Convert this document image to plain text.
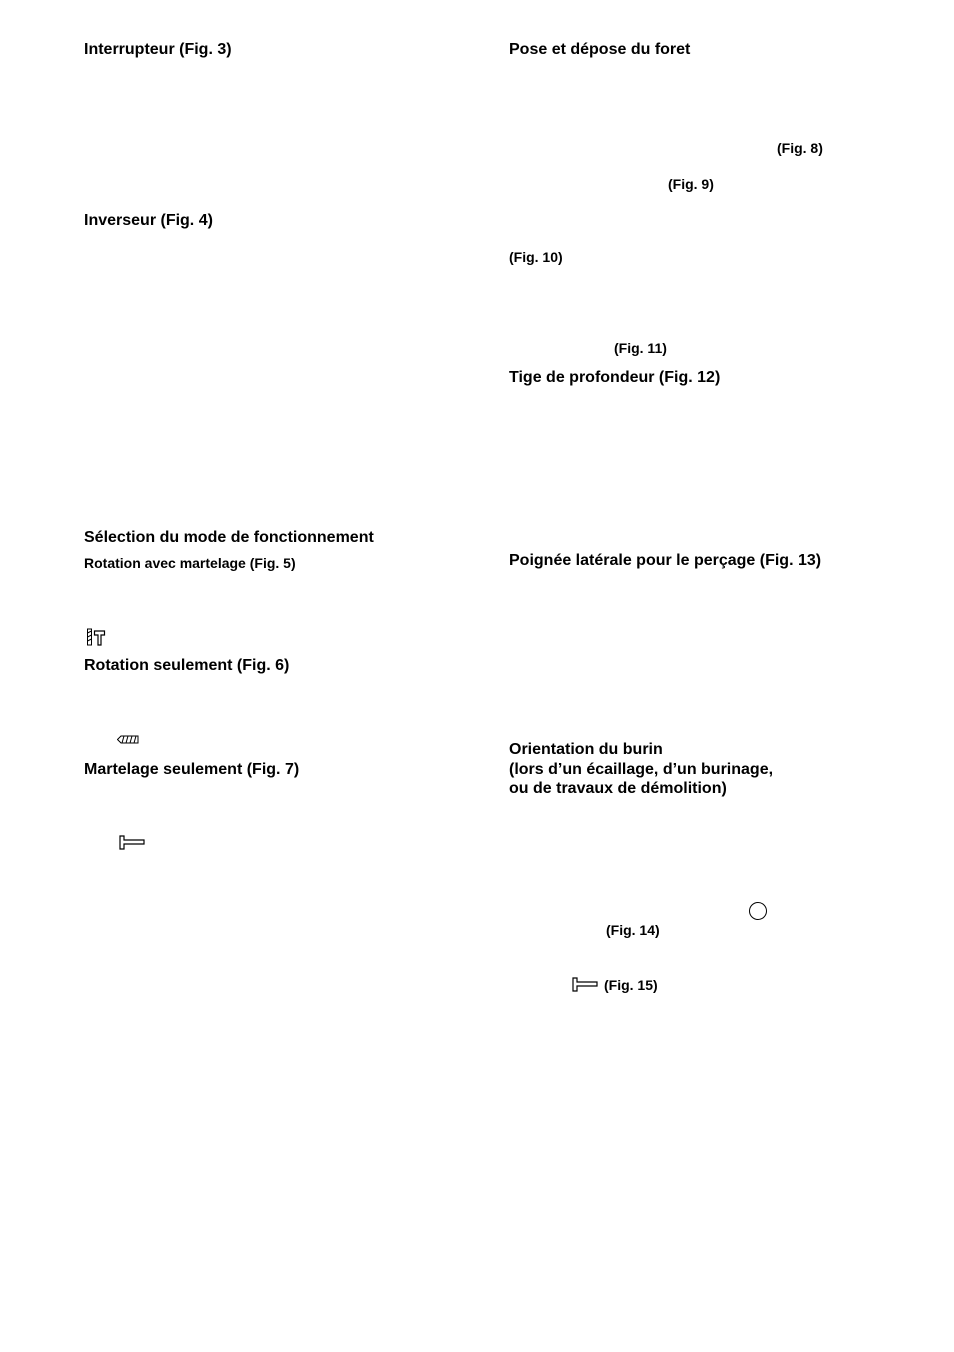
Interrupteur (Fig. 3)
Inverseur (Fig. 4)
Sélection du mode de fonctionnement
Rotation avec martelage (Fig. 5)
Rotation seulement (Fig. 6)
Martelage seulement (Fig. 7)
Pose et dépose du foret
(Fig. 8)
(Fig. 9)
(Fig. 10)
(Fig. 11)
Tige de profondeur (Fig. 12)
Poignée latérale pour le perçage (Fig. 13)
Orientation du burin
(lors d’un écaillage, d’un burinage,
ou de travaux de démolition)
(Fig. 14)
(Fig. 15)
